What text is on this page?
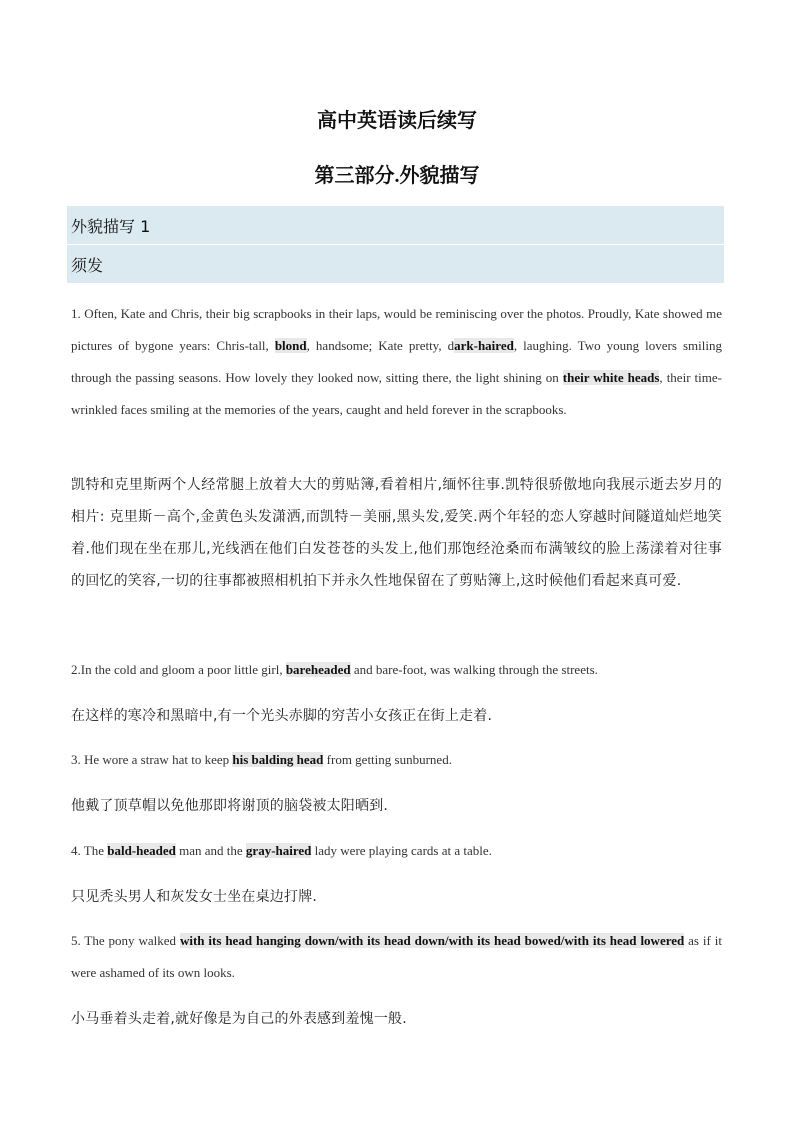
高中英语读后续写
第三部分.外貌描写
外貌描写 1
须发
1. Often, Kate and Chris, their big scrapbooks in their laps, would be reminiscing over the photos. Proudly, Kate showed me pictures of bygone years: Chris-tall, blond, handsome; Kate pretty, dark-haired, laughing. Two young lovers smiling through the passing seasons. How lovely they looked now, sitting there, the light shining on their white heads, their time-wrinkled faces smiling at the memories of the years, caught and held forever in the scrapbooks.
凯特和克里斯两个人经常腿上放着大大的剪贴簿,看着相片,缅怀往事.凯特很骄傲地向我展示逝去岁月的相片: 克里斯－高个,金黄色头发潇洒,而凯特－美丽,黑头发,爱笑.两个年轻的恋人穿越时间隧道灿烂地笑着.他们现在坐在那儿,光线洒在他们白发苍苍的头发上,他们那饱经沧桑而布满皱纹的脸上荡漾着对往事的回忆的笑容,一切的往事都被照相机拍下并永久性地保留在了剪贴簿上,这时候他们看起来真可爱.
2.In the cold and gloom a poor little girl, bareheaded and bare-foot, was walking through the streets.
在这样的寒冷和黑暗中,有一个光头赤脚的穷苦小女孩正在街上走着.
3. He wore a straw hat to keep his balding head from getting sunburned.
他戴了顶草帽以免他那即将谢顶的脑袋被太阳晒到.
4. The bald-headed man and the gray-haired lady were playing cards at a table.
只见秃头男人和灰发女士坐在桌边打牌.
5. The pony walked with its head hanging down/with its head down/with its head bowed/with its head lowered as if it were ashamed of its own looks.
小马垂着头走着,就好像是为自己的外表感到羞愧一般.
